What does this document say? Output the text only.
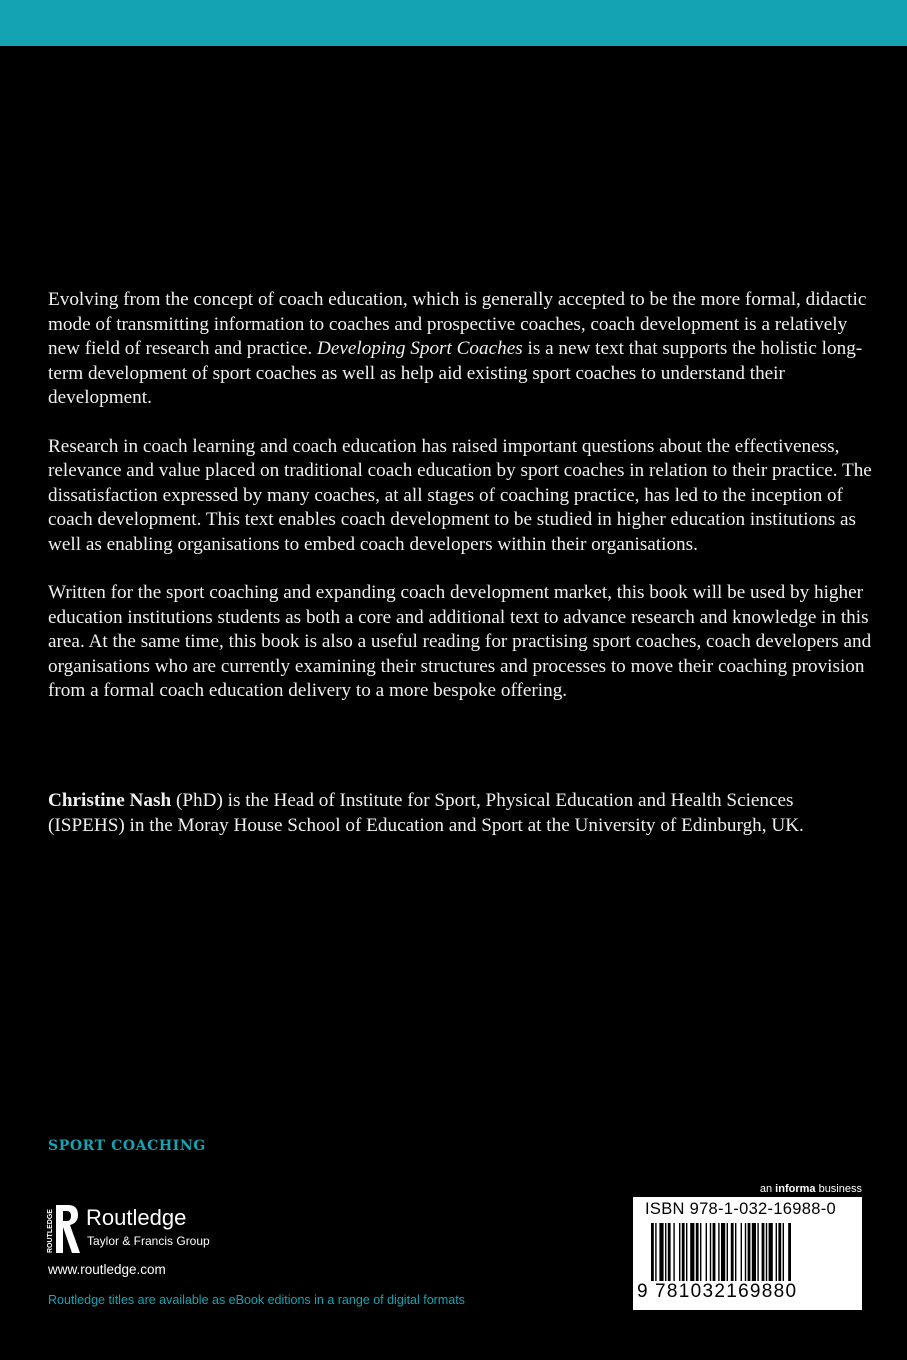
Evolving from the concept of coach education, which is generally accepted to be the more formal, didactic mode of transmitting information to coaches and prospective coaches, coach development is a relatively new field of research and practice. Developing Sport Coaches is a new text that supports the holistic long-term development of sport coaches as well as help aid existing sport coaches to understand their development.

Research in coach learning and coach education has raised important questions about the effectiveness, relevance and value placed on traditional coach education by sport coaches in relation to their practice. The dissatisfaction expressed by many coaches, at all stages of coaching practice, has led to the inception of coach development. This text enables coach development to be studied in higher education institutions as well as enabling organisations to embed coach developers within their organisations.

Written for the sport coaching and expanding coach development market, this book will be used by higher education institutions students as both a core and additional text to advance research and knowledge in this area. At the same time, this book is also a useful reading for practising sport coaches, coach developers and organisations who are currently examining their structures and processes to move their coaching provision from a formal coach education delivery to a more bespoke offering.

Christine Nash (PhD) is the Head of Institute for Sport, Physical Education and Health Sciences (ISPEHS) in the Moray House School of Education and Sport at the University of Edinburgh, UK.

SPORT COACHING
ROUTLEDGE Routledge
Taylor & Francis Group
www.routledge.com
Routledge titles are available as eBook editions in a range of digital formats
an informa business
ISBN 978-1-032-16988-0
9 781032169880
